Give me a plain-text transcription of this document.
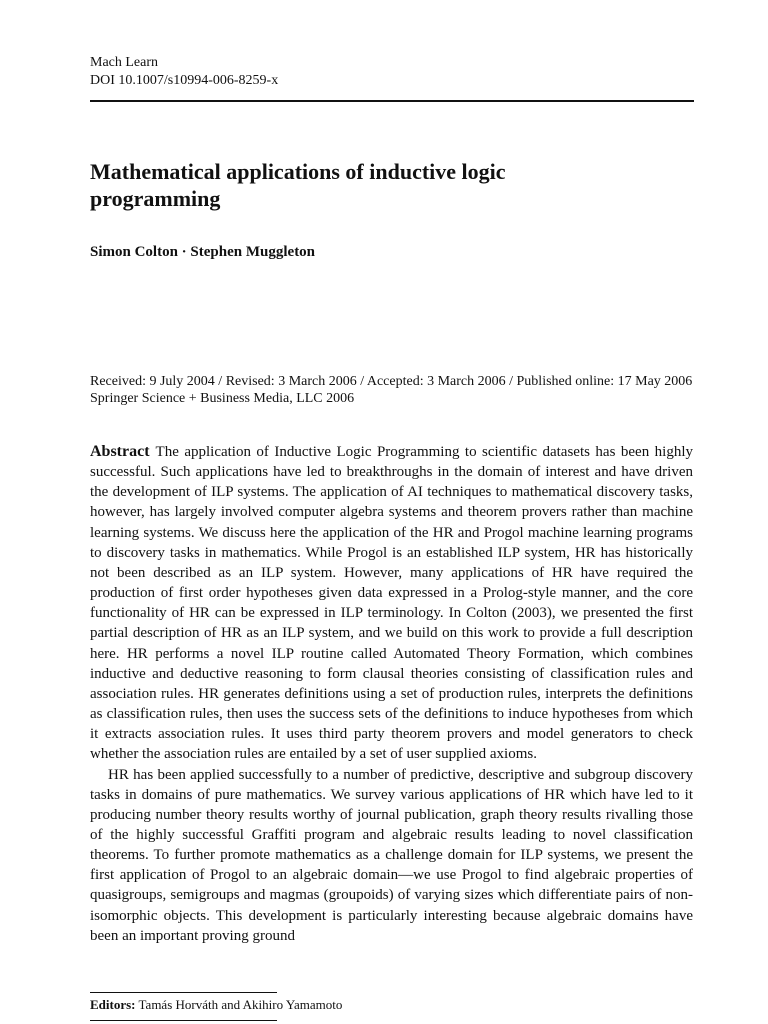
Mach Learn
DOI 10.1007/s10994-006-8259-x
Mathematical applications of inductive logic programming
Simon Colton · Stephen Muggleton
Received: 9 July 2004 / Revised: 3 March 2006 / Accepted: 3 March 2006 / Published online: 17 May 2006
Springer Science + Business Media, LLC 2006

Abstract The application of Inductive Logic Programming to scientific datasets has been highly successful. Such applications have led to breakthroughs in the domain of interest and have driven the development of ILP systems. The application of AI techniques to mathematical discovery tasks, however, has largely involved computer algebra systems and theorem provers rather than machine learning systems. We discuss here the application of the HR and Progol machine learning programs to discovery tasks in mathematics. While Progol is an established ILP system, HR has historically not been described as an ILP system. However, many applications of HR have required the production of first order hypotheses given data expressed in a Prolog-style manner, and the core functionality of HR can be expressed in ILP terminology. In Colton (2003), we presented the first partial description of HR as an ILP system, and we build on this work to provide a full description here. HR performs a novel ILP routine called Automated Theory Formation, which combines inductive and deductive reasoning to form clausal theories consisting of classification rules and association rules. HR generates definitions using a set of production rules, interprets the definitions as classification rules, then uses the success sets of the definitions to induce hypotheses from which it extracts association rules. It uses third party theorem provers and model generators to check whether the association rules are entailed by a set of user supplied axioms.

HR has been applied successfully to a number of predictive, descriptive and subgroup discovery tasks in domains of pure mathematics. We survey various applications of HR which have led to it producing number theory results worthy of journal publication, graph theory results rivalling those of the highly successful Graffiti program and algebraic results leading to novel classification theorems. To further promote mathematics as a challenge domain for ILP systems, we present the first application of Progol to an algebraic domain—we use Progol to find algebraic properties of quasigroups, semigroups and magmas (groupoids) of varying sizes which differentiate pairs of non-isomorphic objects. This development is particularly interesting because algebraic domains have been an important proving ground

Editors: Tamás Horváth and Akihiro Yamamoto
